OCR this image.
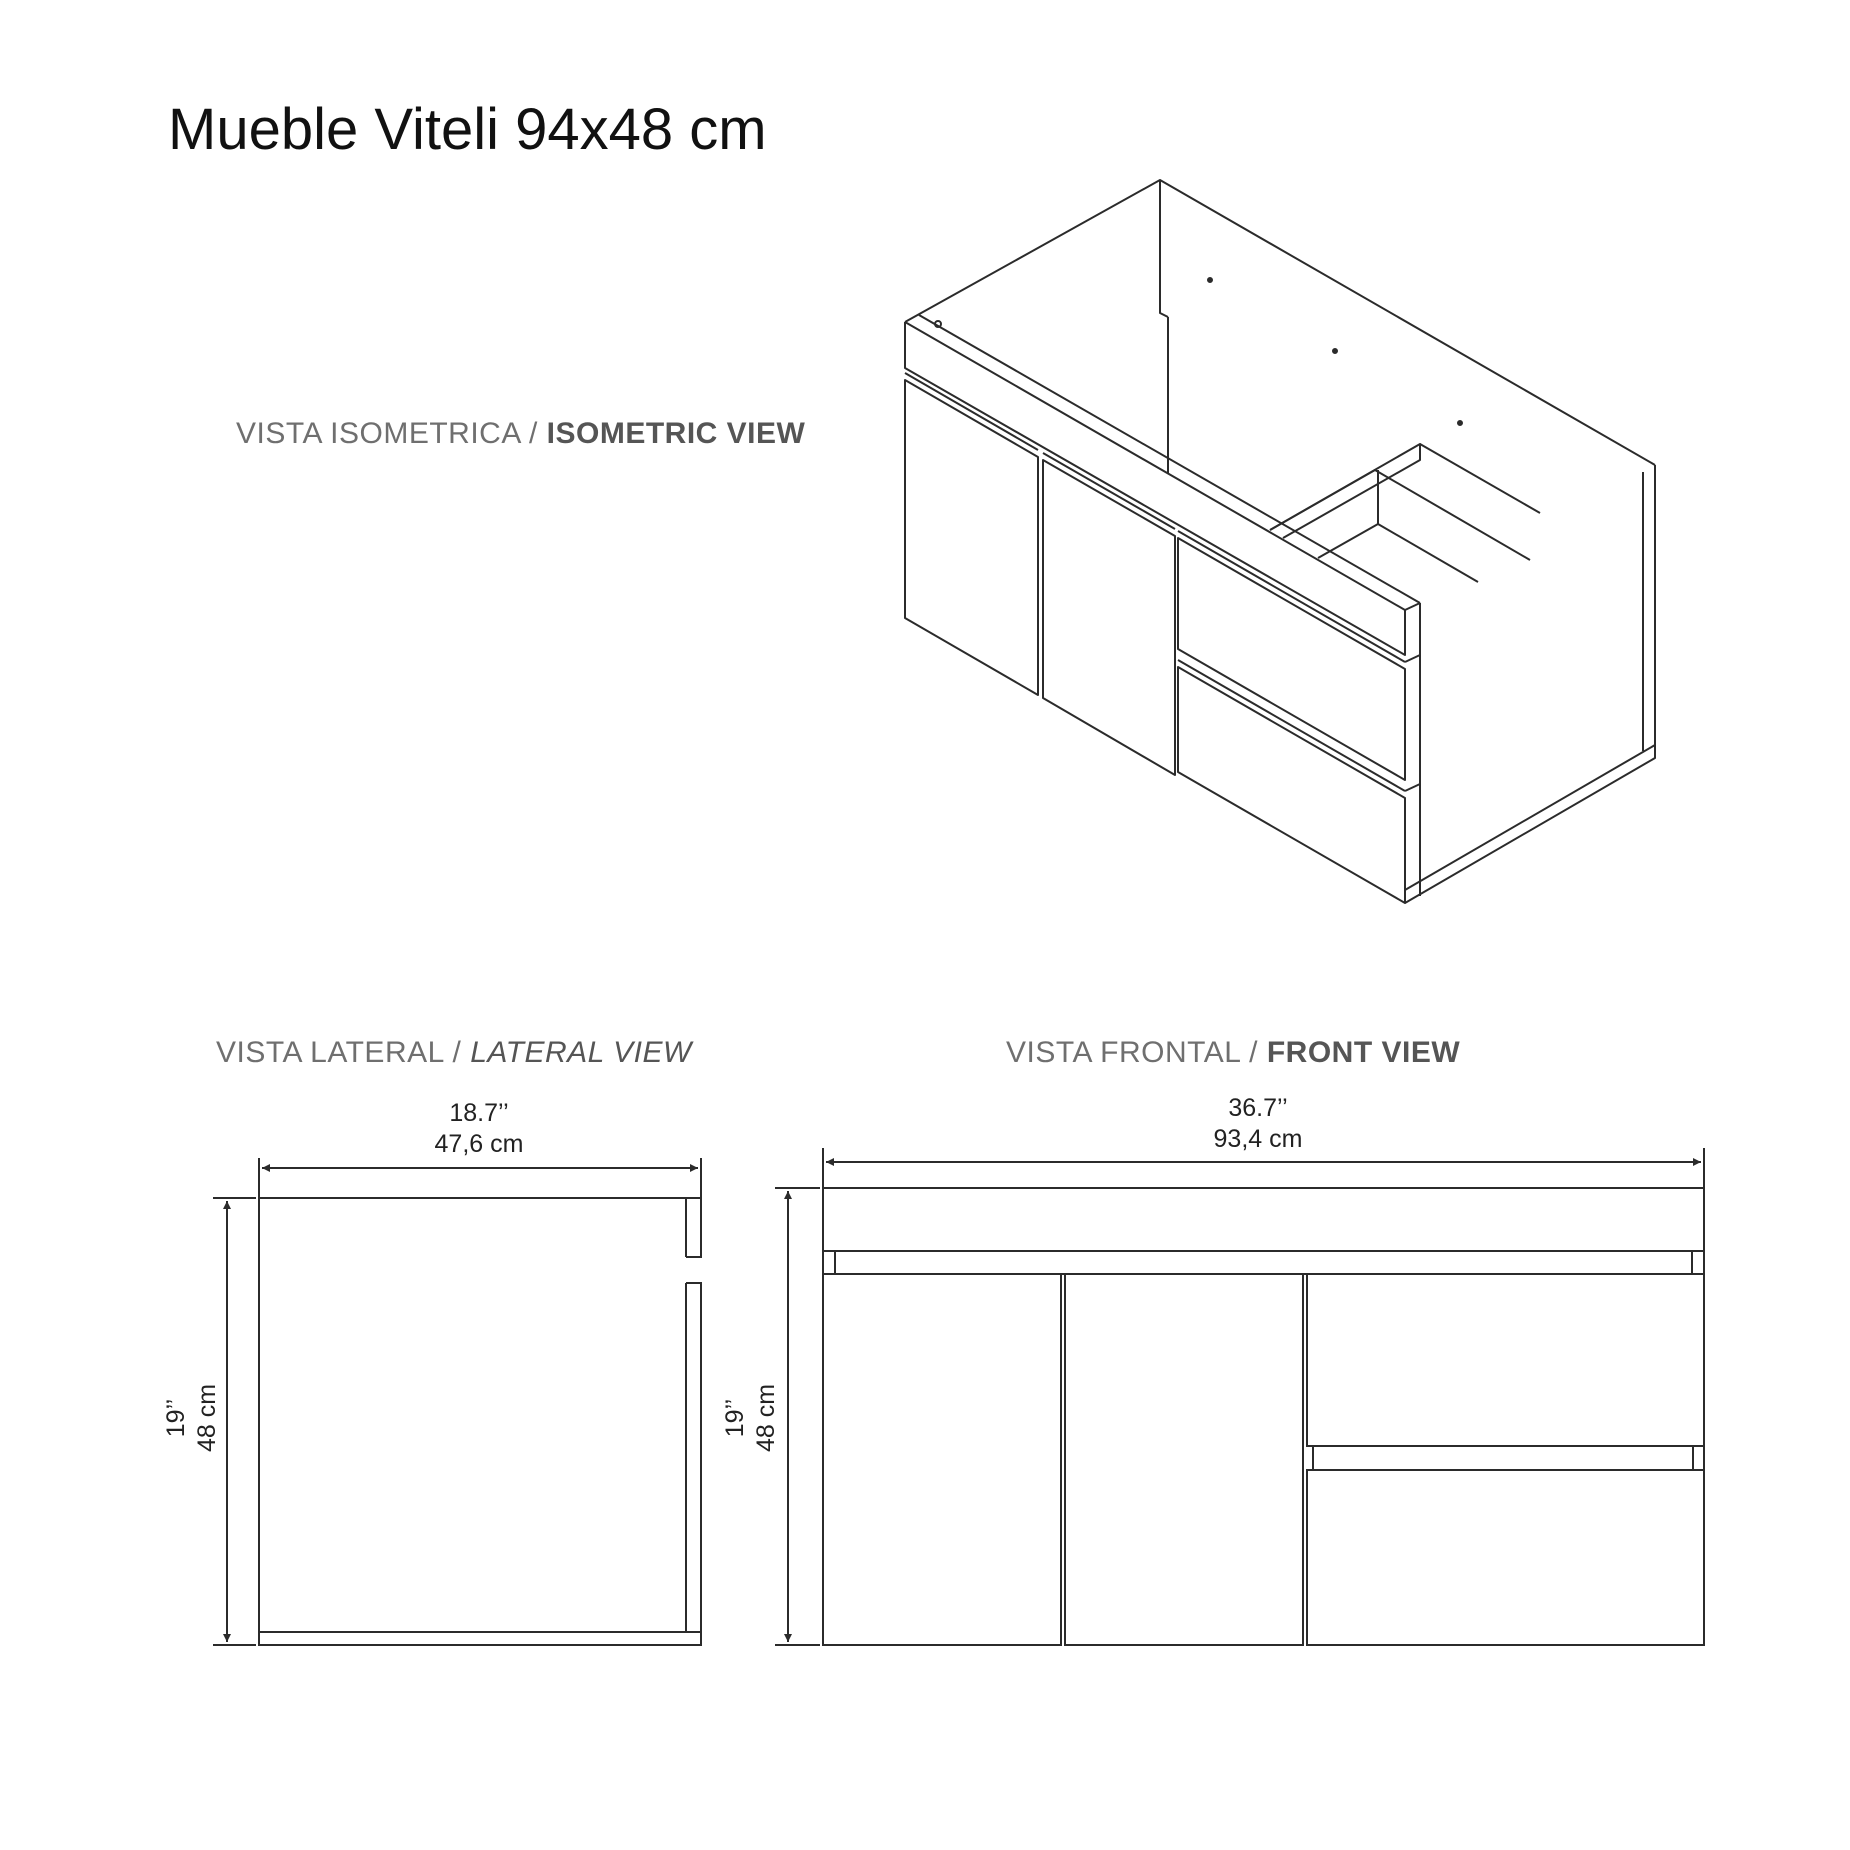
Mueble Viteli 94x48 cm
VISTA ISOMETRICA / ISOMETRIC VIEW
VISTA LATERAL / LATERAL VIEW	VISTA FRONTAL / FRONT VIEW
18.7’’
47,6 cm
36.7’’
93,4 cm
19’’ 48 cm	19’’ 48 cm
